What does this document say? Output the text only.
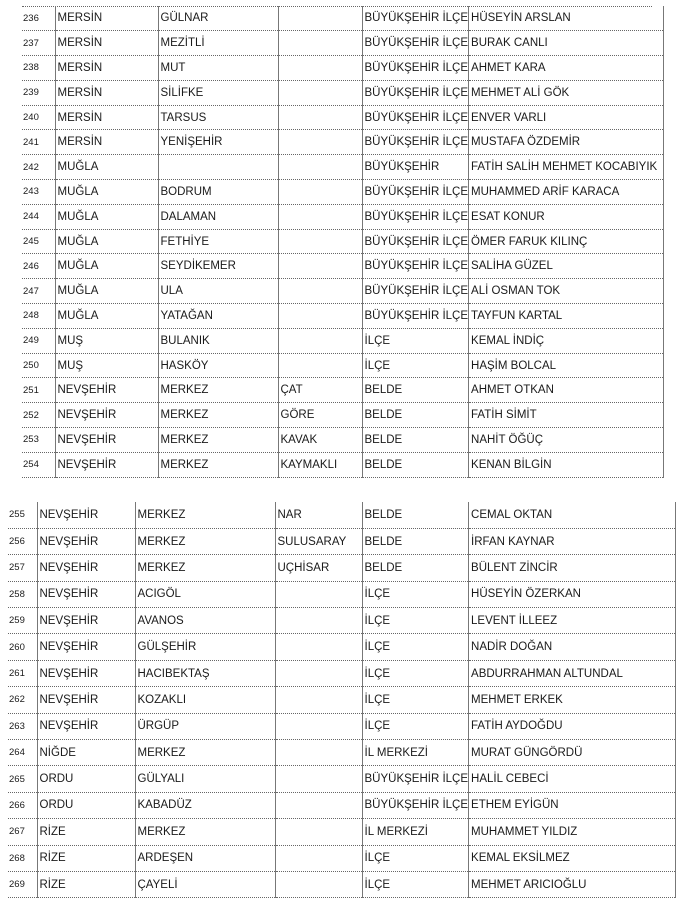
236	MERSİN	GÜLNAR		BÜYÜKŞEHİR İLÇE	HÜSEYİN ARSLAN
237	MERSİN	MEZİTLİ		BÜYÜKŞEHİR İLÇE	BURAK CANLI
238	MERSİN	MUT		BÜYÜKŞEHİR İLÇE	AHMET KARA
239	MERSİN	SİLİFKE		BÜYÜKŞEHİR İLÇE	MEHMET ALİ GÖK
240	MERSİN	TARSUS		BÜYÜKŞEHİR İLÇE	ENVER VARLI
241	MERSİN	YENİŞEHİR		BÜYÜKŞEHİR İLÇE	MUSTAFA ÖZDEMİR
242	MUĞLA			BÜYÜKŞEHİR	FATİH SALİH MEHMET KOCABIYIK
243	MUĞLA	BODRUM		BÜYÜKŞEHİR İLÇE	MUHAMMED ARİF KARACA
244	MUĞLA	DALAMAN		BÜYÜKŞEHİR İLÇE	ESAT KONUR
245	MUĞLA	FETHİYE		BÜYÜKŞEHİR İLÇE	ÖMER FARUK KILINÇ
246	MUĞLA	SEYDİKEMER		BÜYÜKŞEHİR İLÇE	SALİHA GÜZEL
247	MUĞLA	ULA		BÜYÜKŞEHİR İLÇE	ALİ OSMAN TOK
248	MUĞLA	YATAĞAN		BÜYÜKŞEHİR İLÇE	TAYFUN KARTAL
249	MUŞ	BULANIK		İLÇE	KEMAL İNDİÇ
250	MUŞ	HASKÖY		İLÇE	HAŞİM BOLCAL
251	NEVŞEHİR	MERKEZ	ÇAT	BELDE	AHMET OTKAN
252	NEVŞEHİR	MERKEZ	GÖRE	BELDE	FATİH SİMİT
253	NEVŞEHİR	MERKEZ	KAVAK	BELDE	NAHİT ÖĞÜÇ
254	NEVŞEHİR	MERKEZ	KAYMAKLI	BELDE	KENAN BİLGİN
255	NEVŞEHİR	MERKEZ	NAR	BELDE	CEMAL OKTAN
256	NEVŞEHİR	MERKEZ	SULUSARAY	BELDE	İRFAN KAYNAR
257	NEVŞEHİR	MERKEZ	UÇHİSAR	BELDE	BÜLENT ZİNCİR
258	NEVŞEHİR	ACIGÖL		İLÇE	HÜSEYİN ÖZERKAN
259	NEVŞEHİR	AVANOS		İLÇE	LEVENT İLLEEZ
260	NEVŞEHİR	GÜLŞEHİR		İLÇE	NADİR DOĞAN
261	NEVŞEHİR	HACIBEKTAŞ		İLÇE	ABDURRAHMAN ALTUNDAL
262	NEVŞEHİR	KOZAKLI		İLÇE	MEHMET ERKEK
263	NEVŞEHİR	ÜRGÜP		İLÇE	FATİH AYDOĞDU
264	NİĞDE	MERKEZ		İL MERKEZİ	MURAT GÜNGÖRDÜ
265	ORDU	GÜLYALI		BÜYÜKŞEHİR İLÇE	HALİL CEBECİ
266	ORDU	KABADÜZ		BÜYÜKŞEHİR İLÇE	ETHEM EYİGÜN
267	RİZE	MERKEZ		İL MERKEZİ	MUHAMMET YILDIZ
268	RİZE	ARDEŞEN		İLÇE	KEMAL EKSİLMEZ
269	RİZE	ÇAYELİ		İLÇE	MEHMET ARICIOĞLU
